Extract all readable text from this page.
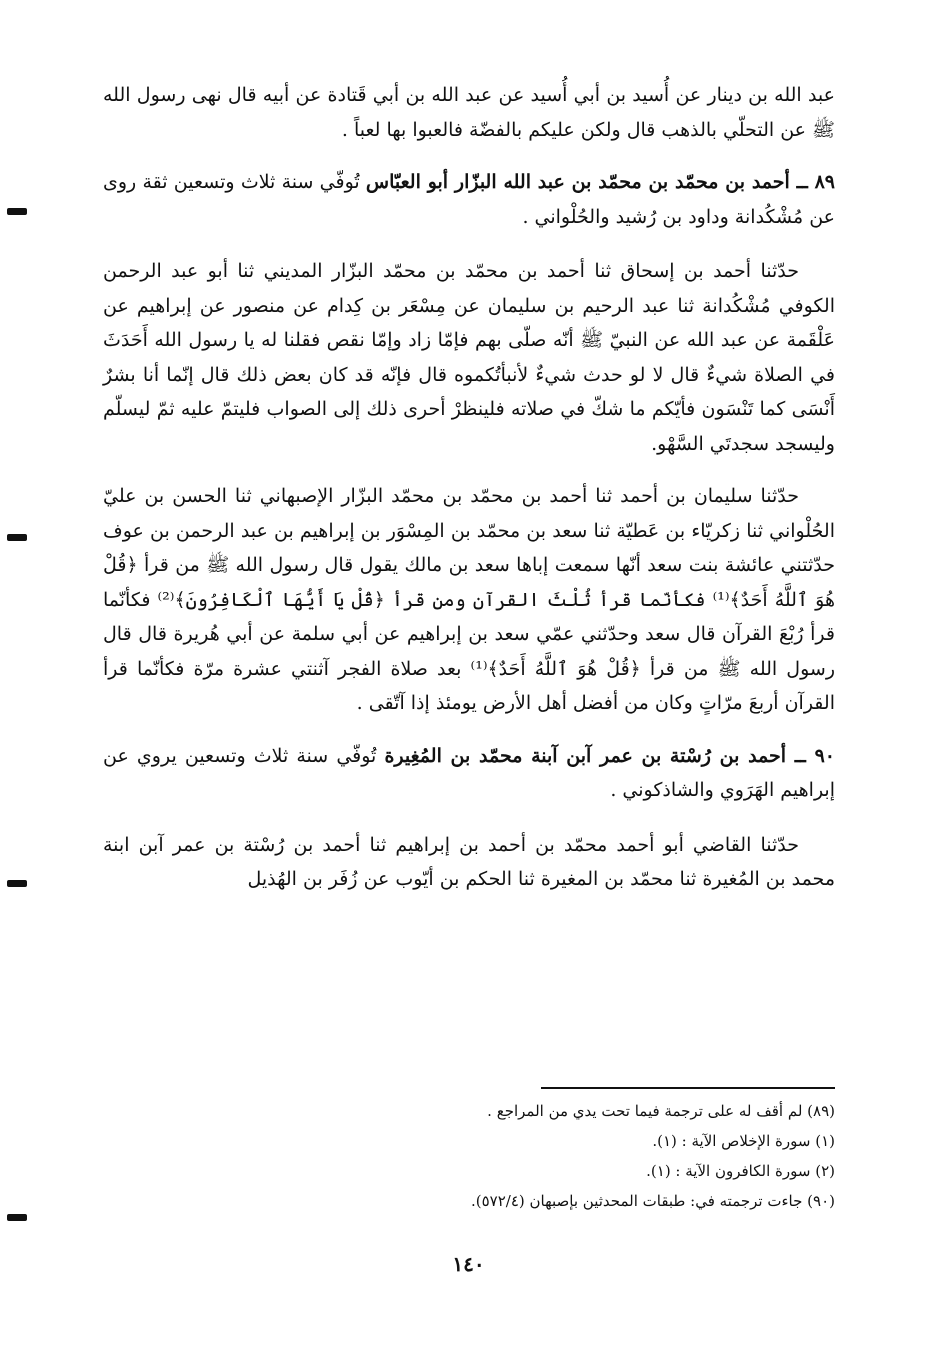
عبد الله بن دينار عن أُسيد بن أبي أُسيد عن عبد الله بن أبي قَتادة عن أبيه قال نهى رسول الله ﷺ عن التحلّي بالذهب قال ولكن عليكم بالفضّة فالعبوا بها لعباً .

٨٩ ــ أحمد بن محمّد بن محمّد بن عبد الله البزّار أبو العبّاس تُوفّي سنة ثلاث وتسعين ثقة روى عن مُشْكُدانة وداود بن رُشيد والحُلْواني .

حدّثنا أحمد بن إسحاق ثنا أحمد بن محمّد بن محمّد البزّار المديني ثنا أبو عبد الرحمن الكوفي مُشْكُدانة ثنا عبد الرحيم بن سليمان عن مِسْعَر بن كِدام عن منصور عن إبراهيم عن عَلْقَمة عن عبد الله عن النبيّ ﷺ أنّه صلّى بهم فإمّا زاد وإمّا نقص فقلنا له يا رسول الله أَحَدَثَ في الصلاة شيءٌ قال لا لو حدث شيءٌ لأنبأتُكموه قال فإنّه قد كان بعض ذلك قال إنّما أنا بشرٌ أَنْسَى كما تَنْسَون فأيّكم ما شكّ في صلاته فلينظرْ أحرى ذلك إلى الصواب فليتمّ عليه ثمّ ليسلّم وليسجد سجدتَي السَّهْو.

حدّثنا سليمان بن أحمد ثنا أحمد بن محمّد بن محمّد البزّار الإصبهاني ثنا الحسن بن عليّ الحُلْواني ثنا زكريّاء بن عَطيّة ثنا سعد بن محمّد بن المِسْوَر بن إبراهيم بن عبد الرحمن بن عوف حدّثتني عائشة بنت سعد أنّها سمعت إباها سعد بن مالك يقول قال رسول الله ﷺ من قرأ ﴿قُلْ هُوَ ٱللَّهُ أَحَدٌ﴾⁽¹⁾ فكأنّما قرأ ثُلْثَ القرآن ومن قرأ ﴿قُلْ يَا أَيُّهَا ٱلْكَافِرُونَ﴾⁽²⁾ فكأنّما قرأ رُبْعَ القرآن قال سعد وحدّثني عمّي سعد بن إبراهيم عن أبي سلمة عن أبي هُريرة قال قال رسول الله ﷺ من قرأ ﴿قُلْ هُوَ ٱللَّهُ أَحَدٌ﴾⁽¹⁾ بعد صلاة الفجر آثنتي عشرة مرّة فكأنّما قرأ القرآن أربعَ مرّاتٍ وكان من أفضل أهل الأرض يومئذ إذا آتّقى .

٩٠ ــ أحمد بن رُسْتة بن عمر آبن آبنة محمّد بن المُغِيرة تُوفّي سنة ثلاث وتسعين يروي عن إبراهيم الهَرَوي والشاذكوني .

حدّثنا القاضي أبو أحمد محمّد بن أحمد بن إبراهيم ثنا أحمد بن رُسْتة بن عمر آبن ابنة محمد بن المُغيرة ثنا محمّد بن المغيرة ثنا الحكم بن أيّوب عن زُفَر بن الهُذيل

(٨٩) لم أقف له على ترجمة فيما تحت يدي من المراجع .

(١) سورة الإخلاص الآية : (١).

(٢) سورة الكافرون الآية : (١).

(٩٠) جاءت ترجمته في: طبقات المحدثين بإصبهان (٥٧٢/٤).

١٤٠
